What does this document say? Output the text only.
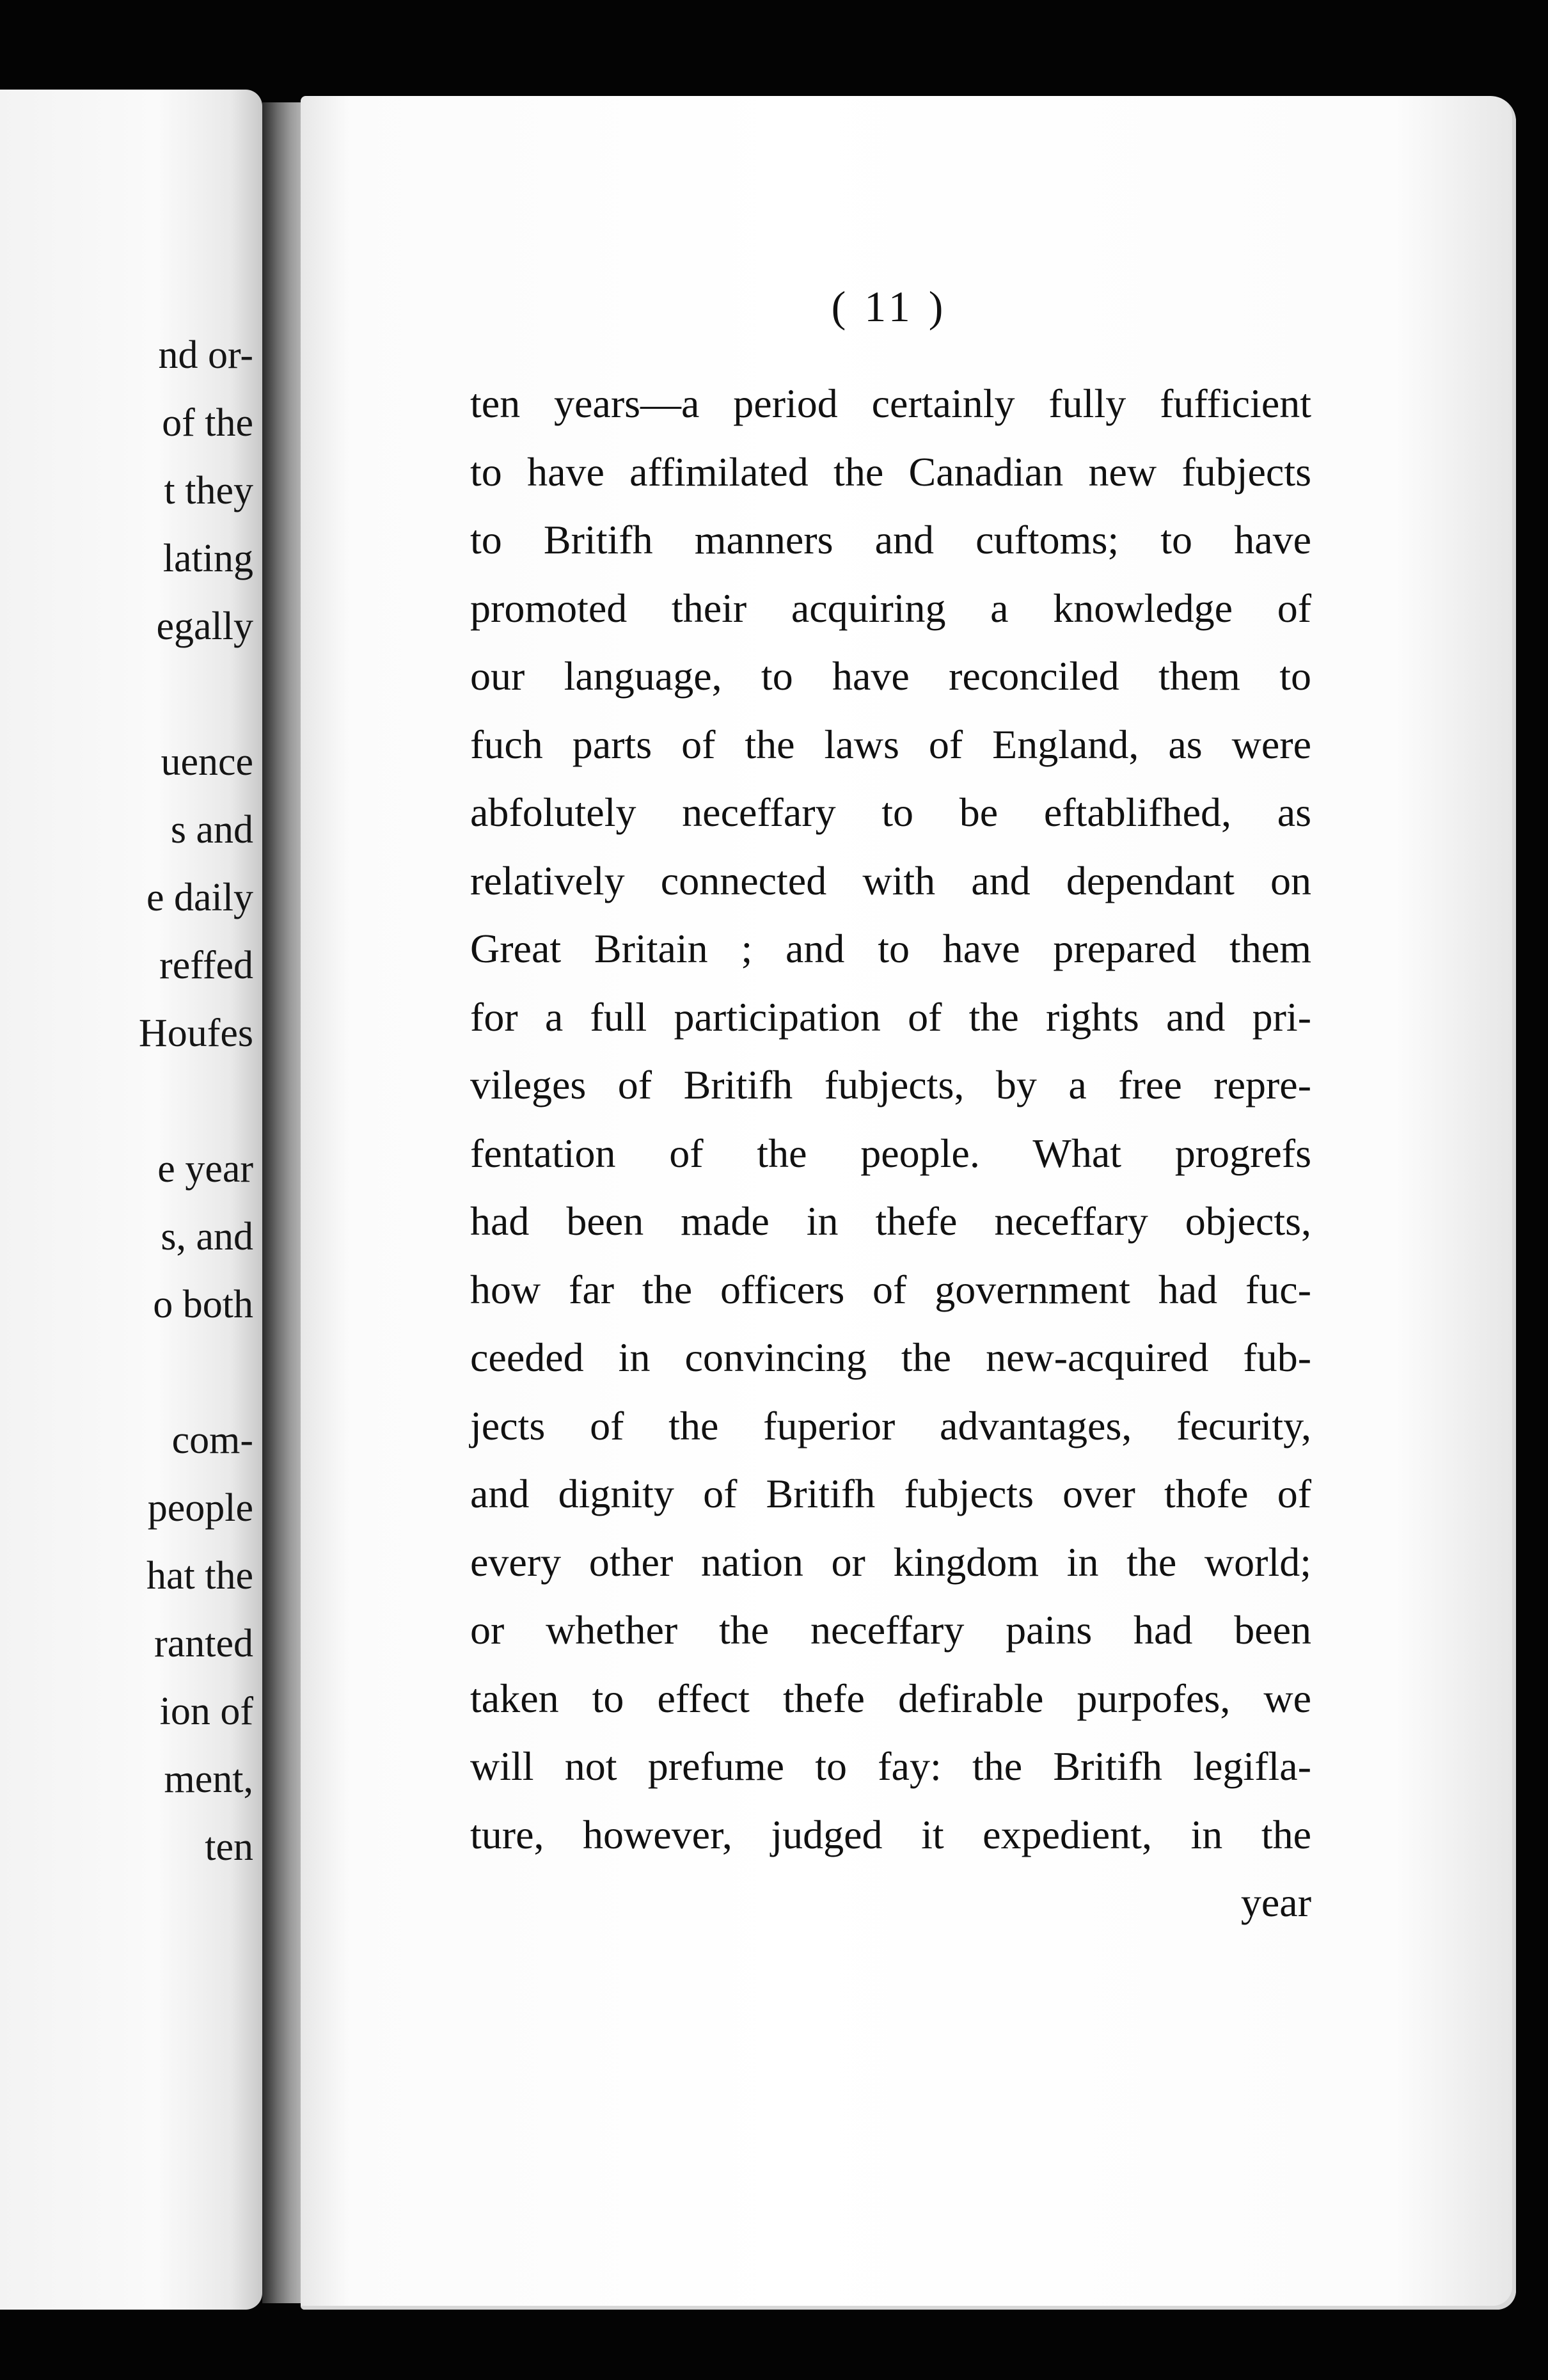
nd or-
of the
t they
lating
egally
uence
s and
e daily
reffed
Houfes
e year
s, and
o both
com-
people
hat the
ranted
ion of
ment,
ten
( 11 )
ten years—a period certainly fully fufficient
to have affimilated the Canadian new fubjects
to Britifh manners and cuftoms; to have
promoted their acquiring a knowledge of
our language, to have reconciled them to
fuch parts of the laws of England, as were
abfolutely neceffary to be eftablifhed, as
relatively connected with and dependant on
Great Britain ; and to have prepared them
for a full participation of the rights and pri-
vileges of Britifh fubjects, by a free repre-
fentation of the people. What progrefs
had been made in thefe neceffary objects,
how far the officers of government had fuc-
ceeded in convincing the new-acquired fub-
jects of the fuperior advantages, fecurity,
and dignity of Britifh fubjects over thofe of
every other nation or kingdom in the world;
or whether the neceffary pains had been
taken to effect thefe defirable purpofes, we
will not prefume to fay: the Britifh legifla-
ture, however, judged it expedient, in the
year
